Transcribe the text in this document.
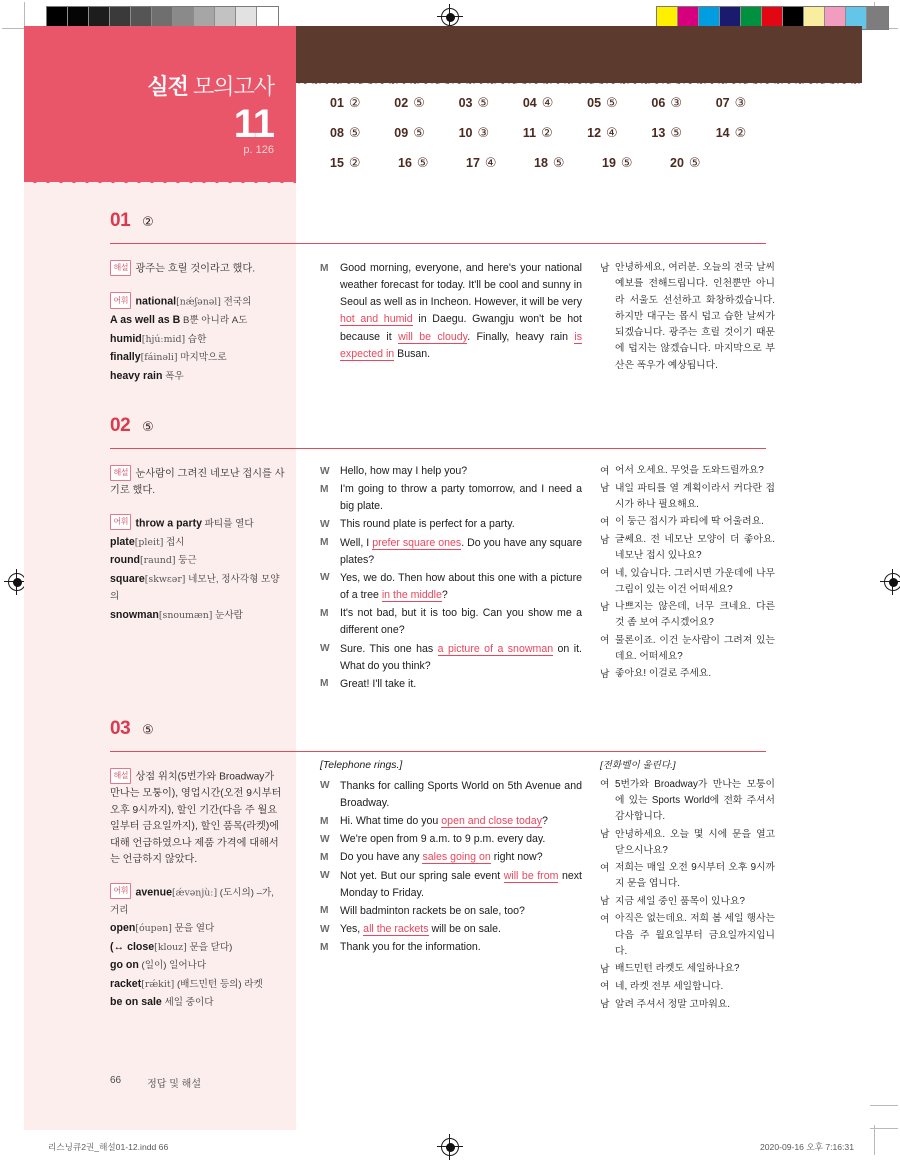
실전 모의고사
11
p. 126
01 ②	02 ⑤	03 ⑤	04 ④	05 ⑤	06 ③	07 ③
08 ⑤	09 ⑤	10 ③	11 ②	12 ④	13 ⑤	14 ②
15 ②	16 ⑤	17 ④	18 ⑤	19 ⑤	20 ⑤
01 ②

해설 광주는 흐릴 것이라고 했다.

어휘 national[nǽʃənəl] 전국의
A as well as B B뿐 아니라 A도
humid[hjúːmid] 습한
finally[fáinəli] 마지막으로
heavy rain 폭우
M	Good morning, everyone, and here's your national weather forecast for today. It'll be cool and sunny in Seoul as well as in Incheon. However, it will be very hot and humid in Daegu. Gwangju won't be hot because it will be cloudy. Finally, heavy rain is expected in Busan.
남 안녕하세요, 여러분. 오늘의 전국 날씨 예보를 전해드립니다. 인천뿐만 아니라 서울도 선선하고 화창하겠습니다. 하지만 대구는 몹시 덥고 습한 날씨가 되겠습니다. 광주는 흐릴 것이기 때문에 덥지는 않겠습니다. 마지막으로 부산은 폭우가 예상됩니다.
02 ⑤

해설 눈사람이 그려진 네모난 접시를 사기로 했다.

어휘 throw a party 파티를 열다
plate[pleit] 접시
round[raund] 둥근
square[skwɛər] 네모난, 정사각형 모양의
snowman[snoumæn] 눈사람
W Hello, how may I help you?
M	I'm going to throw a party tomorrow, and I need a big plate.
W This round plate is perfect for a party.
M	Well, I prefer square ones. Do you have any square plates?
W Yes, we do. Then how about this one with a picture of a tree in the middle?
M	It's not bad, but it is too big. Can you show me a different one?
W Sure. This one has a picture of a snowman on it. What do you think?
M	Great! I'll take it.
여 어서 오세요. 무엇을 도와드릴까요?
남 내일 파티를 열 계획이라서 커다란 접시가 하나 필요해요.
여 이 둥근 접시가 파티에 딱 어울려요.
남 글쎄요. 전 네모난 모양이 더 좋아요. 네모난 접시 있나요?
여 네, 있습니다. 그러시면 가운데에 나무 그림이 있는 이건 어떠세요?
남 나쁘지는 않은데, 너무 크네요. 다른 것 좀 보여 주시겠어요?
여 물론이죠. 이건 눈사람이 그려져 있는데요. 어떠세요?
남 좋아요! 이걸로 주세요.
03 ⑤

해설 상점 위치(5번가와 Broadway가 만나는 모퉁이), 영업시간(오전 9시부터 오후 9시까지), 할인 기간(다음 주 월요일부터 금요일까지), 할인 품목(라켓)에 대해 언급하였으나 제품 가격에 대해서는 언급하지 않았다.

어휘 avenue[ǽvənjùː] (도시의) –가, 거리
open[óupən] 문을 열다
(↔ close[klouz] 문을 닫다)
go on (일이) 일어나다
racket[rǽkit] (배드민턴 등의) 라켓
be on sale 세일 중이다
[Telephone rings.]
W Thanks for calling Sports World on 5th Avenue and Broadway.
M	Hi. What time do you open and close today?
W We're open from 9 a.m. to 9 p.m. every day.
M	Do you have any sales going on right now?
W Not yet. But our spring sale event will be from next Monday to Friday.
M	Will badminton rackets be on sale, too?
W Yes, all the rackets will be on sale.
M	Thank you for the information.
[전화벨이 울린다.]
여 5번가와 Broadway가 만나는 모퉁이에 있는 Sports World에 전화 주셔서 감사합니다.
남 안녕하세요. 오늘 몇 시에 문을 열고 닫으시나요?
여 저희는 매일 오전 9시부터 오후 9시까지 문을 엽니다.
남 지금 세일 중인 품목이 있나요?
여 아직은 없는데요. 저희 봄 세일 행사는 다음 주 월요일부터 금요일까지입니다.
남 배드민턴 라켓도 세일하나요?
여 네, 라켓 전부 세일합니다.
남 알려 주셔서 정말 고마워요.
66	정답 및 해설
리스닝큐2권_해설01-12.indd 66	2020-09-16 오후 7:16:31
